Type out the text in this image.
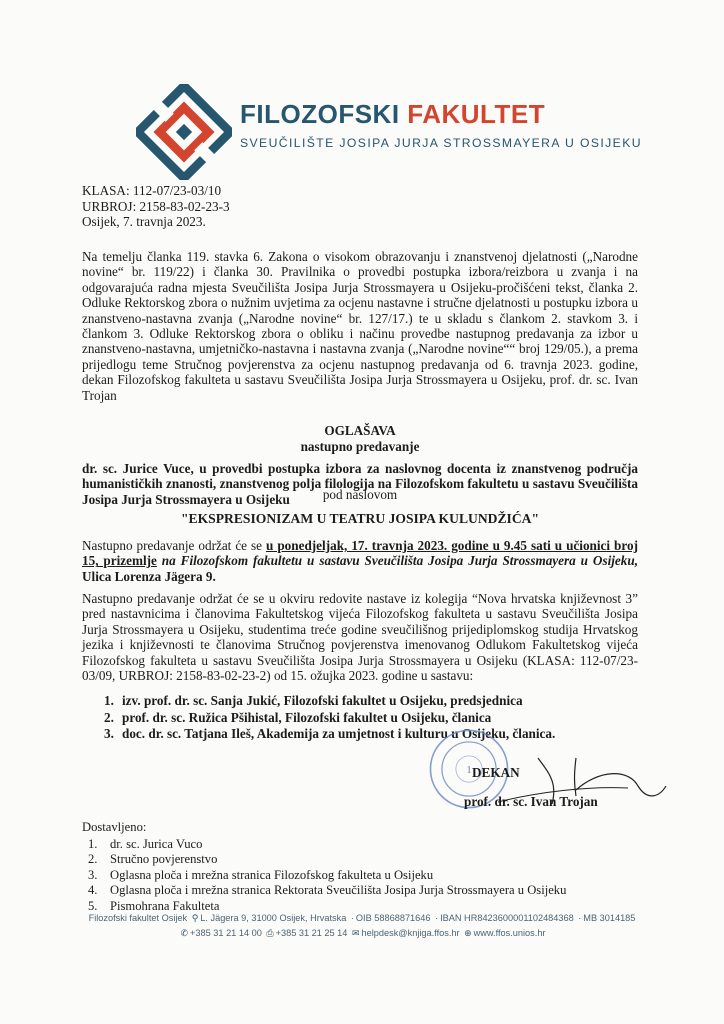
FILOZOFSKI FAKULTET
SVEUČILIŠTE JOSIPA JURJA STROSSMAYERA U OSIJEKU
KLASA: 112-07/23-03/10
URBROJ: 2158-83-02-23-3
Osijek, 7. travnja 2023.
Na temelju članka 119. stavka 6. Zakona o visokom obrazovanju i znanstvenoj djelatnosti („Narodne novine“ br. 119/22) i članka 30. Pravilnika o provedbi postupka izbora/reizbora u zvanja i na odgovarajuća radna mjesta Sveučilišta Josipa Jurja Strossmayera u Osijeku-pročišćeni tekst, članka 2. Odluke Rektorskog zbora o nužnim uvjetima za ocjenu nastavne i stručne djelatnosti u postupku izbora u znanstveno-nastavna zvanja („Narodne novine“ br. 127/17.) te u skladu s člankom 2. stavkom 3. i člankom 3. Odluke Rektorskog zbora o obliku i načinu provedbe nastupnog predavanja za izbor u znanstveno-nastavna, umjetničko-nastavna i nastavna zvanja („Narodne novine““ broj 129/05.), a prema prijedlogu teme Stručnog povjerenstva za ocjenu nastupnog predavanja od 6. travnja 2023. godine, dekan Filozofskog fakulteta u sastavu Sveučilišta Josipa Jurja Strossmayera u Osijeku, prof. dr. sc. Ivan Trojan
OGLAŠAVA
nastupno predavanje
dr. sc. Jurice Vuce, u provedbi postupka izbora za naslovnog docenta iz znanstvenog područja humanističkih znanosti, znanstvenog polja filologija na Filozofskom fakultetu u sastavu Sveučilišta Josipa Jurja Strossmayera u Osijeku	pod naslovom
"EKSPRESIONIZAM U TEATRU JOSIPA KULUNDŽIĆA"
Nastupno predavanje održat će se u ponedjeljak, 17. travnja 2023. godine u 9.45 sati u učionici broj 15, prizemlje na Filozofskom fakultetu u sastavu Sveučilišta Josipa Jurja Strossmayera u Osijeku, Ulica Lorenza Jägera 9.
Nastupno predavanje održat će se u okviru redovite nastave iz kolegija “Nova hrvatska književnost 3” pred nastavnicima i članovima Fakultetskog vijeća Filozofskog fakulteta u sastavu Sveučilišta Josipa Jurja Strossmayera u Osijeku, studentima treće godine sveučilišnog prijediplomskog studija Hrvatskog jezika i književnosti te članovima Stručnog povjerenstva imenovanog Odlukom Fakultetskog vijeća Filozofskog fakulteta u sastavu Sveučilišta Josipa Jurja Strossmayera u Osijeku (KLASA: 112-07/23-03/09, URBROJ: 2158-83-02-23-2) od 15. ožujka 2023. godine u sastavu:
1. izv. prof. dr. sc. Sanja Jukić, Filozofski fakultet u Osijeku, predsjednica
2. prof. dr. sc. Ružica Pšihistal, Filozofski fakultet u Osijeku, članica
3. doc. dr. sc. Tatjana Ileš, Akademija za umjetnost i kulturu u Osijeku, članica.
1 DEKAN
prof. dr. sc. Ivan Trojan
Dostavljeno:
1. dr. sc. Jurica Vuco
2. Stručno povjerenstvo
3. Oglasna ploča i mrežna stranica Filozofskog fakulteta u Osijeku
4. Oglasna ploča i mrežna stranica Rektorata Sveučilišta Josipa Jurja Strossmayera u Osijeku
5. Pismohrana Fakulteta
Filozofski fakultet Osijek ⚲ L. Jägera 9, 31000 Osijek, Hrvatska · OIB 58868871646 · IBAN HR8423600001102484368 · MB 3014185
✆ +385 31 21 14 00 ⎙ +385 31 21 25 14 ✉ helpdesk@knjiga.ffos.hr ⊕ www.ffos.unios.hr
